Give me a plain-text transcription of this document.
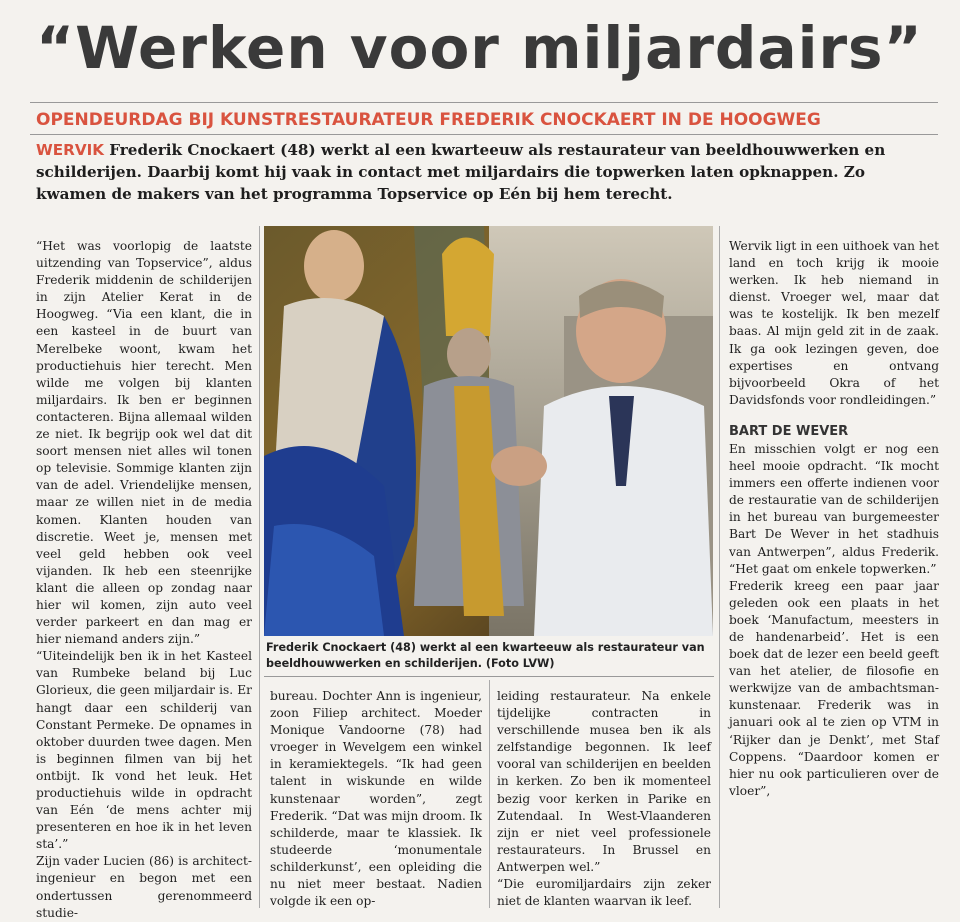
“Werken voor miljardairs”
OPENDEURDAG BIJ KUNSTRESTAURATEUR FREDERIK CNOCKAERT IN DE HOOGWEG
WERVIK Frederik Cnockaert (48) werkt al een kwarteeuw als restaurateur van beeldhouwwerken en schilderijen. Daarbij komt hij vaak in contact met miljardairs die topwerken laten opknappen. Zo kwamen de makers van het programma Topservice op Eén bij hem terecht.

“Het was voorlopig de laatste uitzending van Topservice”, aldus Frederik middenin de schilderijen in zijn Atelier Kerat in de Hoogweg. “Via een klant, die in een kasteel in de buurt van Merelbeke woont, kwam het productiehuis hier terecht. Men wilde me volgen bij klanten miljardairs. Ik ben er beginnen contacteren. Bijna allemaal wilden ze niet. Ik begrijp ook wel dat dit soort mensen niet alles wil tonen op televisie. Sommige klanten zijn van de adel. Vriendelijke mensen, maar ze willen niet in de media komen. Klanten houden van discretie. Weet je, mensen met veel geld hebben ook veel vijanden. Ik heb een steenrijke klant die alleen op zondag naar hier wil komen, zijn auto veel verder parkeert en dan mag er hier niemand anders zijn.”

“Uiteindelijk ben ik in het Kasteel van Rumbeke beland bij Luc Glorieux, die geen miljardair is. Er hangt daar een schilderij van Constant Permeke. De opnames in oktober duurden twee dagen. Men is beginnen filmen van bij het ontbijt. Ik vond het leuk. Het productiehuis wilde in opdracht van Eén ‘de mens achter mij presenteren en hoe ik in het leven sta’.”

Zijn vader Lucien (86) is architect-ingenieur en begon met een ondertussen gerenommeerd studie-

Frederik Cnockaert (48) werkt al een kwarteeuw als restaurateur van beeldhouwwerken en schilderijen. (Foto LVW)

bureau. Dochter Ann is ingenieur, zoon Filiep architect. Moeder Monique Vandoorne (78) had vroeger in Wevelgem een winkel in keramiektegels. “Ik had geen talent in wiskunde en wilde kunstenaar worden”, zegt Frederik. “Dat was mijn droom. Ik schilderde, maar te klassiek. Ik studeerde ‘monumentale schilderkunst’, een opleiding die nu niet meer bestaat. Nadien volgde ik een op-

leiding restaurateur. Na enkele tijdelijke contracten in verschillende musea ben ik als zelfstandige begonnen. Ik leef vooral van schilderijen en beelden in kerken. Zo ben ik momenteel bezig voor kerken in Parike en Zutendaal. In West-Vlaanderen zijn er niet veel professionele restaurateurs. In Brussel en Antwerpen wel.”

“Die euromiljardairs zijn zeker niet de klanten waarvan ik leef.

Wervik ligt in een uithoek van het land en toch krijg ik mooie werken. Ik heb niemand in dienst. Vroeger wel, maar dat was te kostelijk. Ik ben mezelf baas. Al mijn geld zit in de zaak. Ik ga ook lezingen geven, doe expertises en ontvang bijvoorbeeld Okra of het Davidsfonds voor rondleidingen.”

BART DE WEVER

En misschien volgt er nog een heel mooie opdracht. “Ik mocht immers een offerte indienen voor de restauratie van de schilderijen in het bureau van burgemeester Bart De Wever in het stadhuis van Antwerpen”, aldus Frederik. “Het gaat om enkele topwerken.”

Frederik kreeg een paar jaar geleden ook een plaats in het boek ‘Manufactum, meesters in de handenarbeid’. Het is een boek dat de lezer een beeld geeft van het atelier, de filosofie en werkwijze van de ambachtsman-kunstenaar. Frederik was in januari ook al te zien op VTM in ‘Rijker dan je Denkt’, met Staf Coppens. “Daardoor komen er hier nu ook particulieren over de vloer”,
